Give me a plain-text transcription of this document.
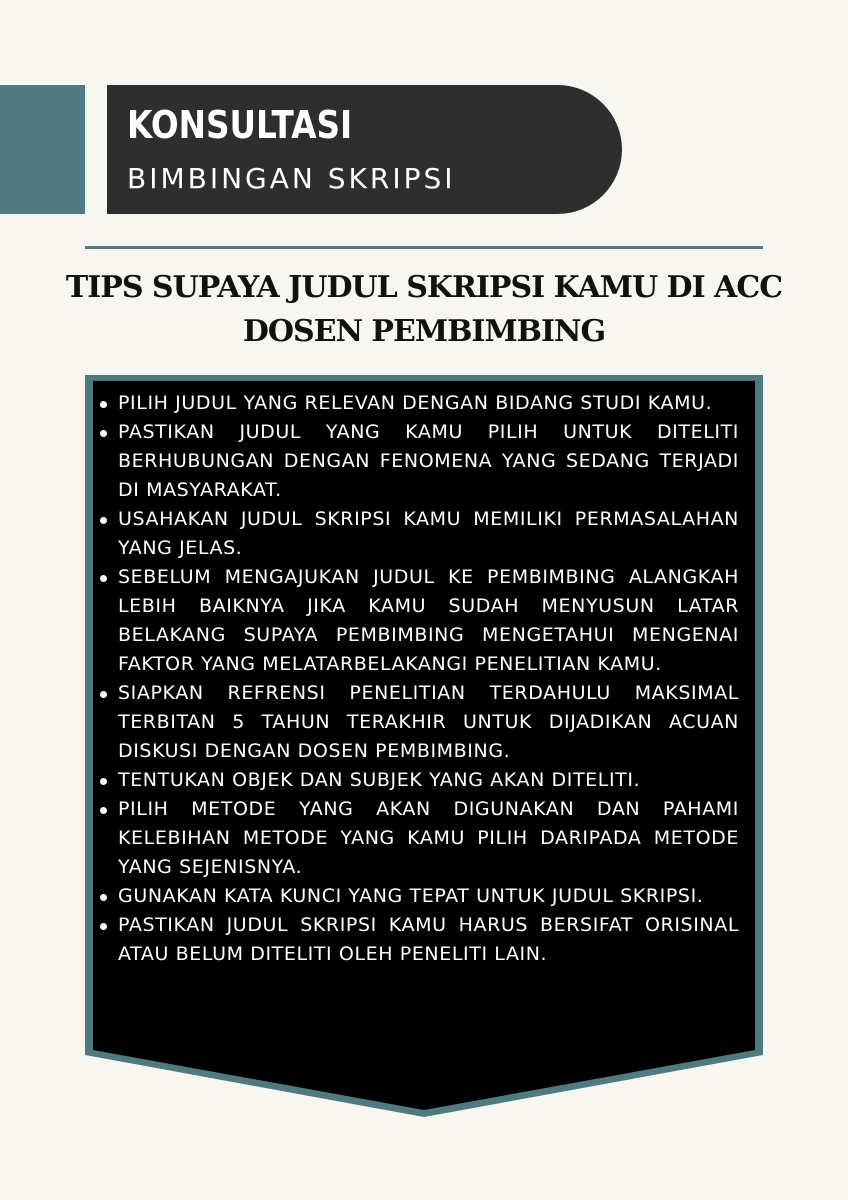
KONSULTASI
BIMBINGAN SKRIPSI
TIPS SUPAYA JUDUL SKRIPSI KAMU DI ACC
DOSEN PEMBIMBING
PILIH JUDUL YANG RELEVAN DENGAN BIDANG STUDI KAMU.
PASTIKAN JUDUL YANG KAMU PILIH UNTUK DITELITI BERHUBUNGAN DENGAN FENOMENA YANG SEDANG TERJADI DI MASYARAKAT.
USAHAKAN JUDUL SKRIPSI KAMU MEMILIKI PERMASALAHAN YANG JELAS.
SEBELUM MENGAJUKAN JUDUL KE PEMBIMBING ALANGKAH LEBIH BAIKNYA JIKA KAMU SUDAH MENYUSUN LATAR BELAKANG SUPAYA PEMBIMBING MENGETAHUI MENGENAI FAKTOR YANG MELATARBELAKANGI PENELITIAN KAMU.
SIAPKAN REFRENSI PENELITIAN TERDAHULU MAKSIMAL TERBITAN 5 TAHUN TERAKHIR UNTUK DIJADIKAN ACUAN DISKUSI DENGAN DOSEN PEMBIMBING.
TENTUKAN OBJEK DAN SUBJEK YANG AKAN DITELITI.
PILIH METODE YANG AKAN DIGUNAKAN DAN PAHAMI KELEBIHAN METODE YANG KAMU PILIH DARIPADA METODE YANG SEJENISNYA.
GUNAKAN KATA KUNCI YANG TEPAT UNTUK JUDUL SKRIPSI.
PASTIKAN JUDUL SKRIPSI KAMU HARUS BERSIFAT ORISINAL ATAU BELUM DITELITI OLEH PENELITI LAIN.
